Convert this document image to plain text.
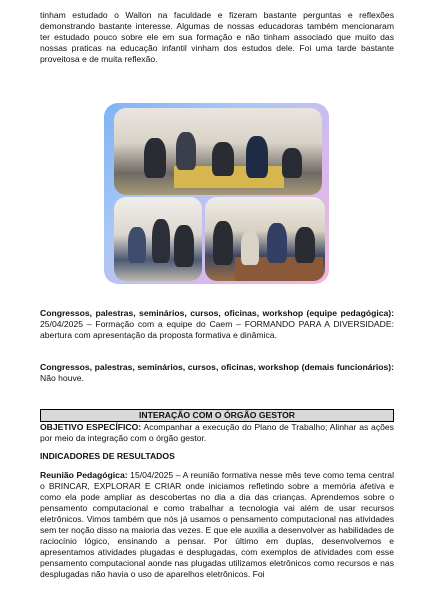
tinham estudado o Wallon na faculdade e fizeram bastante perguntas e reflexões demonstrando bastante interesse. Algumas de nossas educadoras também mencionaram ter estudado pouco sobre ele em sua formação e não tinham associado que muito das nossas praticas na educação infantil vinham dos estudos dele. Foi uma tarde bastante proveitosa e de muita reflexão.

Congressos, palestras, seminários, cursos, oficinas, workshop (equipe pedagógica): 25/04/2025 – Formação com a equipe do Caem – FORMANDO PARA A DIVERSIDADE: abertura com apresentação da proposta formativa e dinâmica.

Congressos, palestras, seminários, cursos, oficinas, workshop (demais funcionários): Não houve.

INTERAÇÃO COM O ÓRGÃO GESTOR

OBJETIVO ESPECÍFICO: Acompanhar a execução do Plano de Trabalho; Alinhar as ações por meio da integração com o órgão gestor.

INDICADORES DE RESULTADOS

Reunião Pedagógica: 15/04/2025 – A reunião formativa nesse mês teve como tema central o BRINCAR, EXPLORAR E CRIAR onde iniciamos refletindo sobre a memória afetiva e como ela pode ampliar as descobertas no dia a dia das crianças. Aprendemos sobre o pensamento computacional e como trabalhar a tecnologia vai além de usar recursos eletrônicos. Vimos também que nós já usamos o pensamento computacional nas atividades sem ter noção disso na maioria das vezes. E que ele auxilia a desenvolver as habilidades de raciocínio lógico, ensinando a pensar. Por último em duplas, desenvolvemos e apresentamos atividades plugadas e desplugadas, com exemplos de atividades com esse pensamento computacional aonde nas plugadas utilizamos eletrônicos como recursos e nas desplugadas não havia o uso de aparelhos eletrônicos. Foi
